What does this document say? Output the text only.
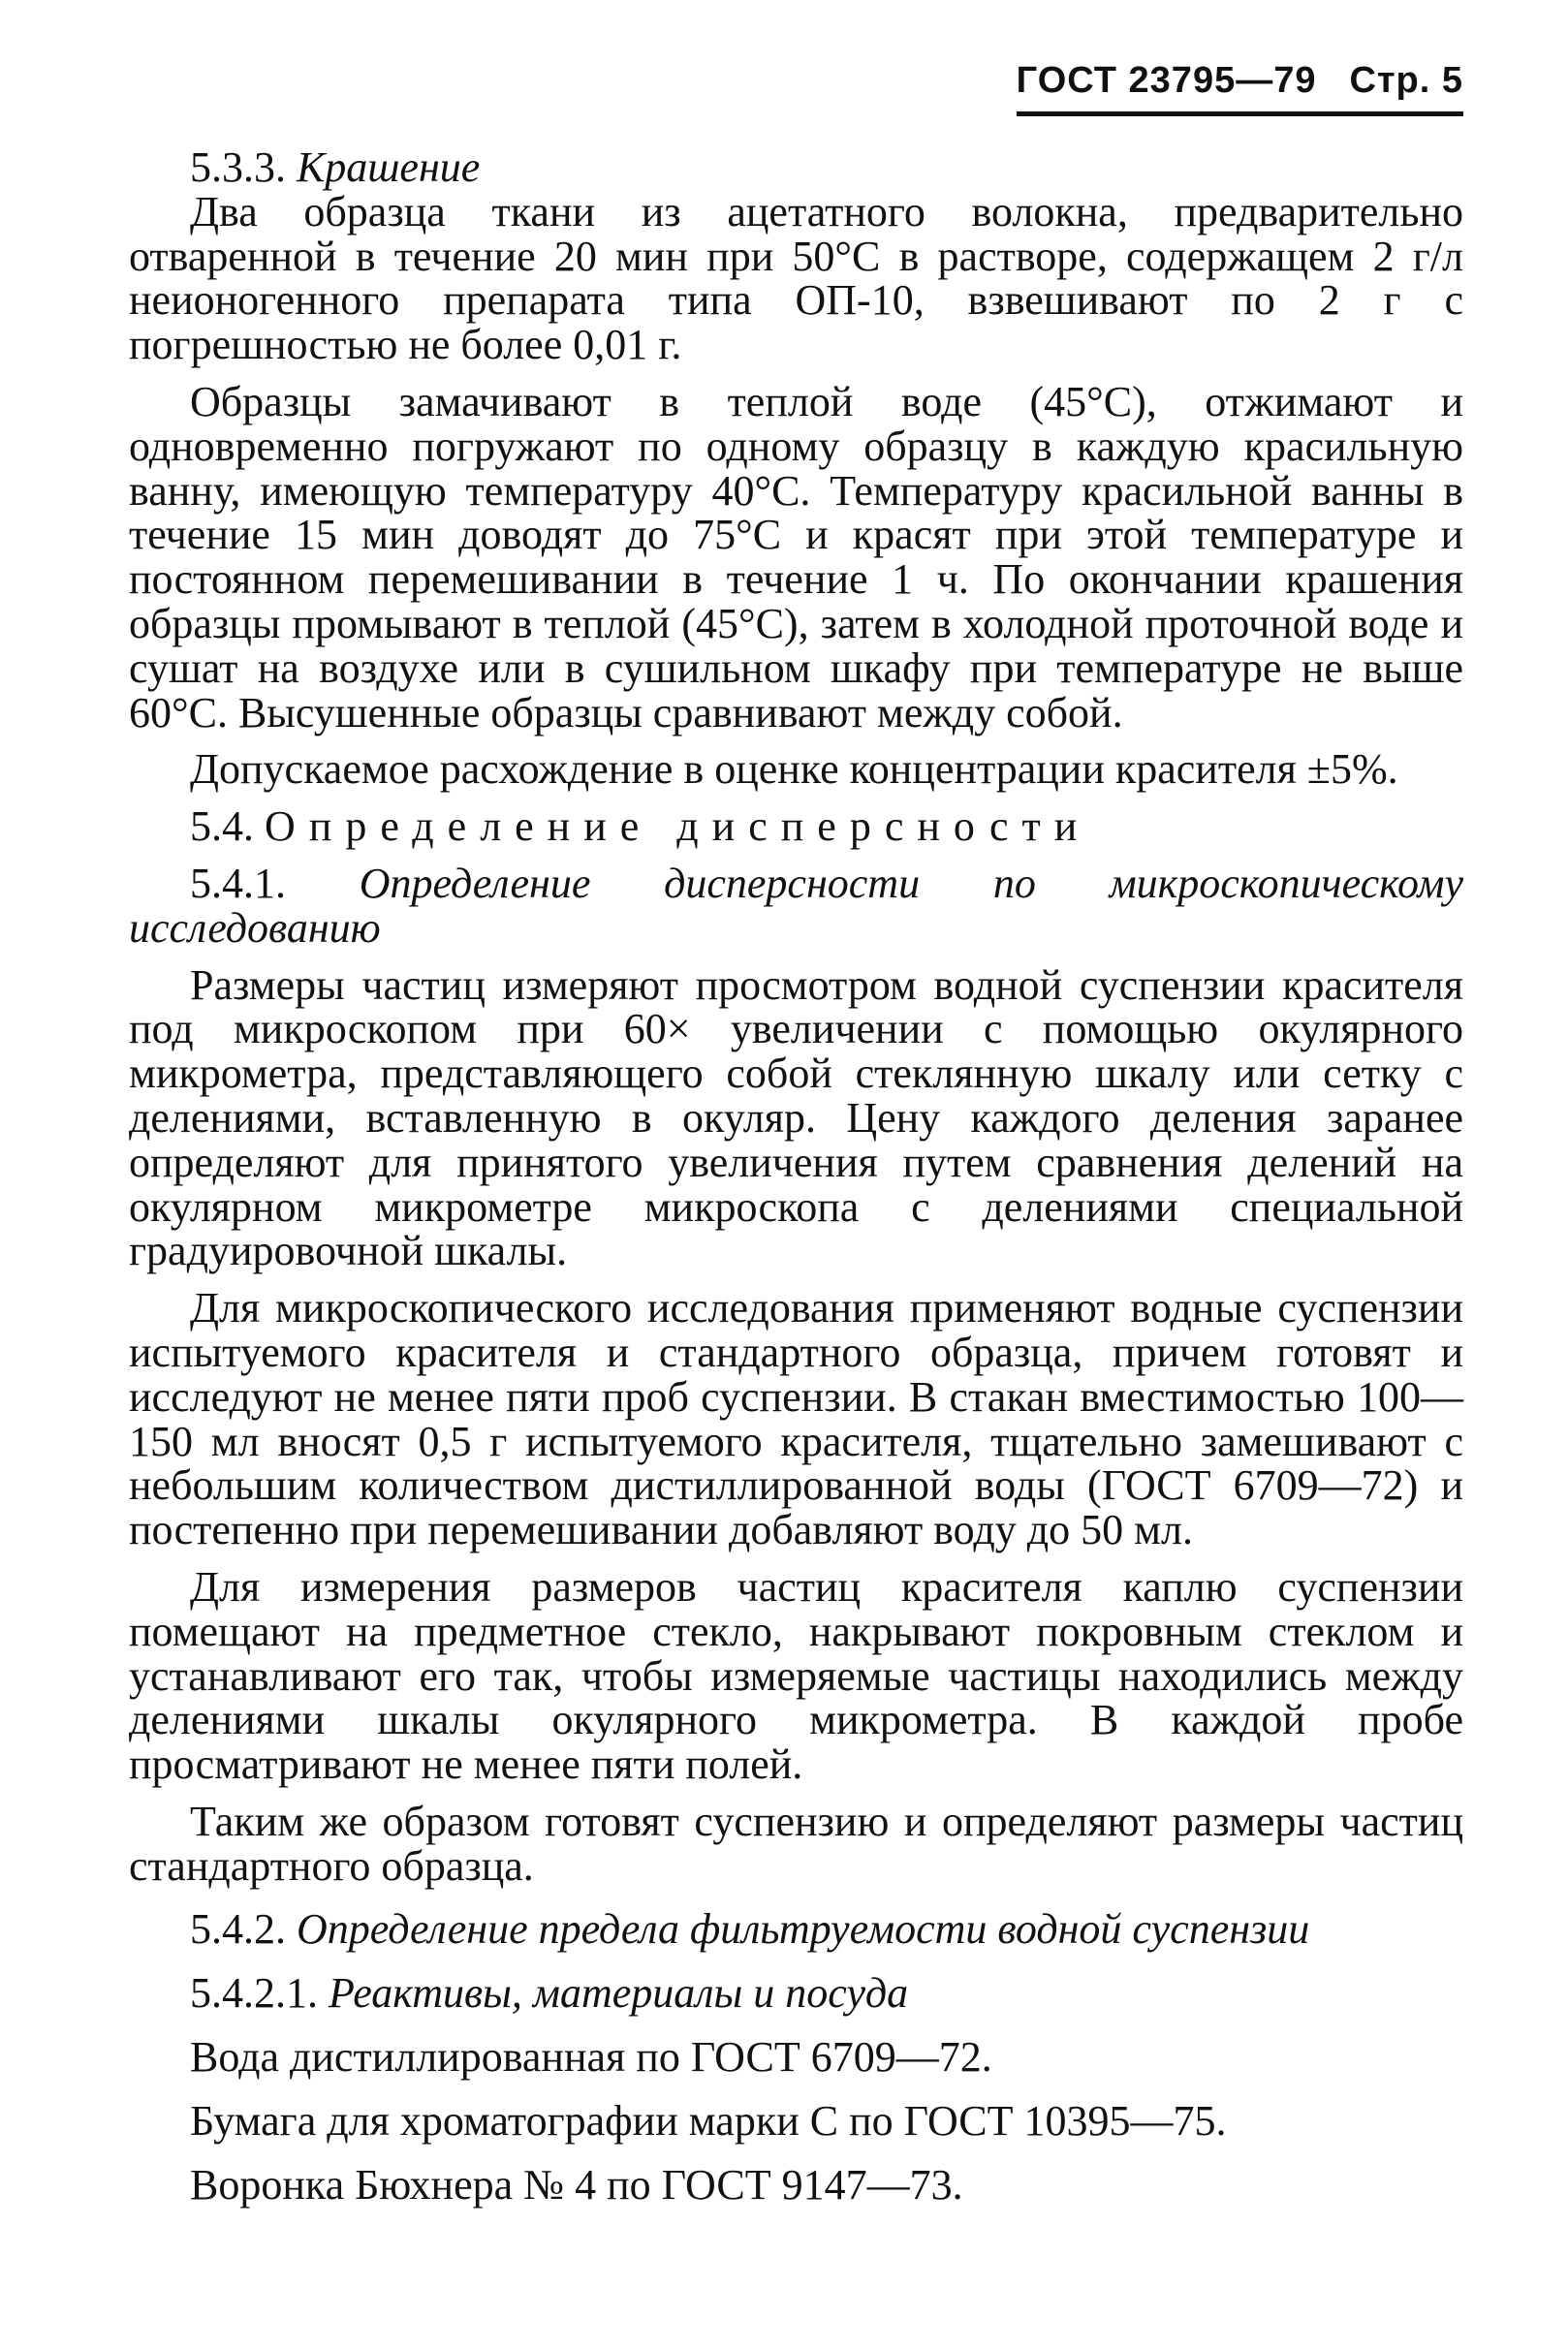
ГОСТ 23795—79 Стр. 5

5.3.3. Крашение

Два образца ткани из ацетатного волокна, предварительно отваренной в течение 20 мин при 50°С в растворе, содержащем 2 г/л неионогенного препарата типа ОП-10, взвешивают по 2 г с погрешностью не более 0,01 г.

Образцы замачивают в теплой воде (45°С), отжимают и одновременно погружают по одному образцу в каждую красильную ванну, имеющую температуру 40°С. Температуру красильной ванны в течение 15 мин доводят до 75°С и красят при этой температуре и постоянном перемешивании в течение 1 ч. По окончании крашения образцы промывают в теплой (45°С), затем в холодной проточной воде и сушат на воздухе или в сушильном шкафу при температуре не выше 60°С. Высушенные образцы сравнивают между собой.

Допускаемое расхождение в оценке концентрации красителя ±5%.

5.4. Определение дисперсности

5.4.1. Определение дисперсности по микроскопическому исследованию

Размеры частиц измеряют просмотром водной суспензии красителя под микроскопом при 60× увеличении с помощью окулярного микрометра, представляющего собой стеклянную шкалу или сетку с делениями, вставленную в окуляр. Цену каждого деления заранее определяют для принятого увеличения путем сравнения делений на окулярном микрометре микроскопа с делениями специальной градуировочной шкалы.

Для микроскопического исследования применяют водные суспензии испытуемого красителя и стандартного образца, причем готовят и исследуют не менее пяти проб суспензии. В стакан вместимостью 100—150 мл вносят 0,5 г испытуемого красителя, тщательно замешивают с небольшим количеством дистиллированной воды (ГОСТ 6709—72) и постепенно при перемешивании добавляют воду до 50 мл.

Для измерения размеров частиц красителя каплю суспензии помещают на предметное стекло, накрывают покровным стеклом и устанавливают его так, чтобы измеряемые частицы находились между делениями шкалы окулярного микрометра. В каждой пробе просматривают не менее пяти полей.

Таким же образом готовят суспензию и определяют размеры частиц стандартного образца.

5.4.2. Определение предела фильтруемости водной суспензии

5.4.2.1. Реактивы, материалы и посуда

Вода дистиллированная по ГОСТ 6709—72.

Бумага для хроматографии марки С по ГОСТ 10395—75.

Воронка Бюхнера № 4 по ГОСТ 9147—73.
